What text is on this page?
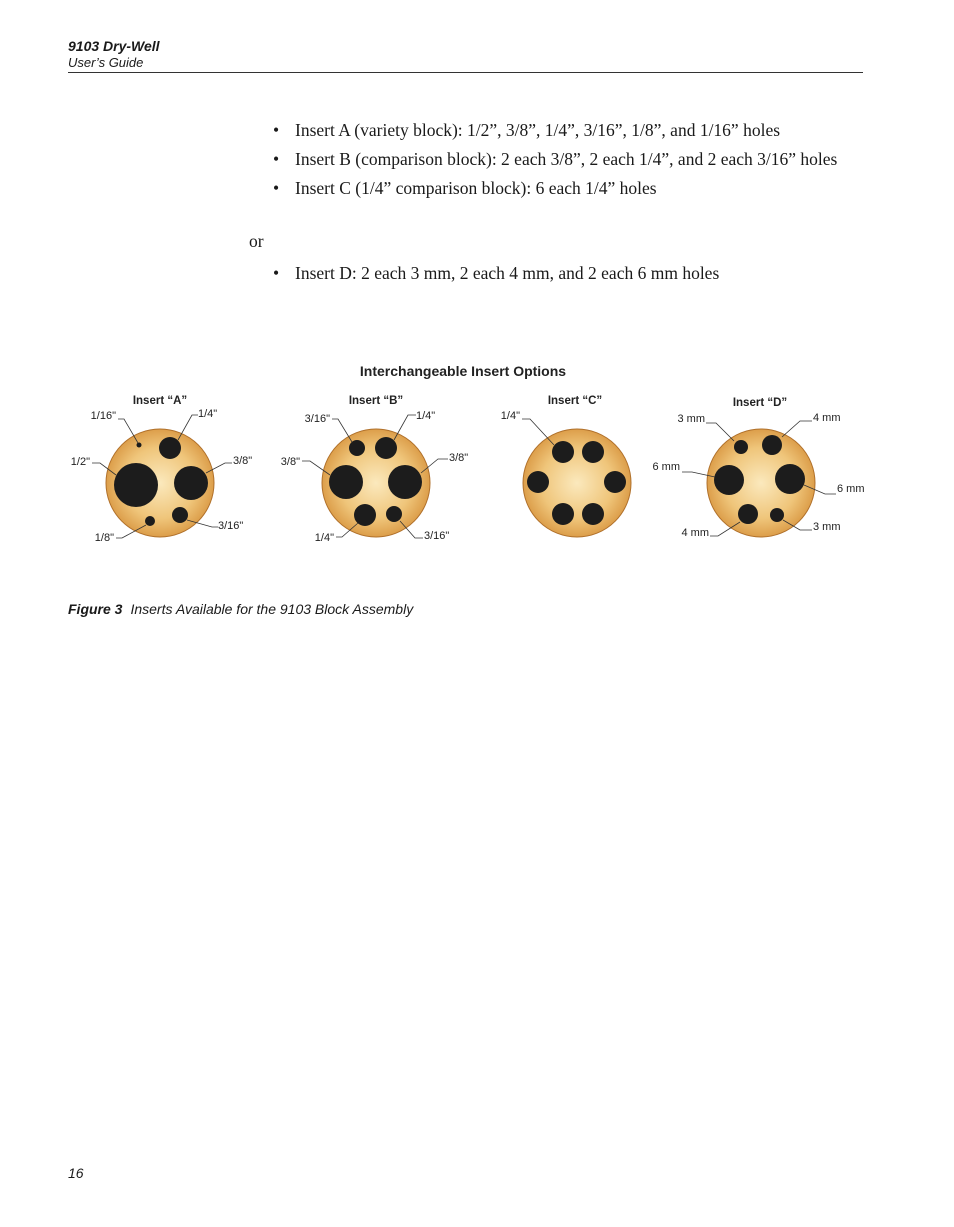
9103 Dry-Well
User’s Guide
• Insert A (variety block): 1/2”, 3/8”, 1/4”, 3/16”, 1/8”, and 1/16” holes
• Insert B (comparison block): 2 each 3/8”, 2 each 1/4”, and 2 each 3/16” holes
• Insert C (1/4” comparison block): 6 each 1/4” holes
or
• Insert D: 2 each 3 mm, 2 each 4 mm, and 2 each 6 mm holes
Interchangeable Insert Options
Insert “A”
1/16"	1/4"
1/2"	3/8"
1/8"
3/16"
Insert “B”
3/16"	1/4"
3/8"	3/8"
1/4"	3/16"
Insert “C”
1/4"
Insert “D”
3 mm	4 mm
6 mm
6 mm
4 mm	3 mm
Figure 3 Inserts Available for the 9103 Block Assembly
16
